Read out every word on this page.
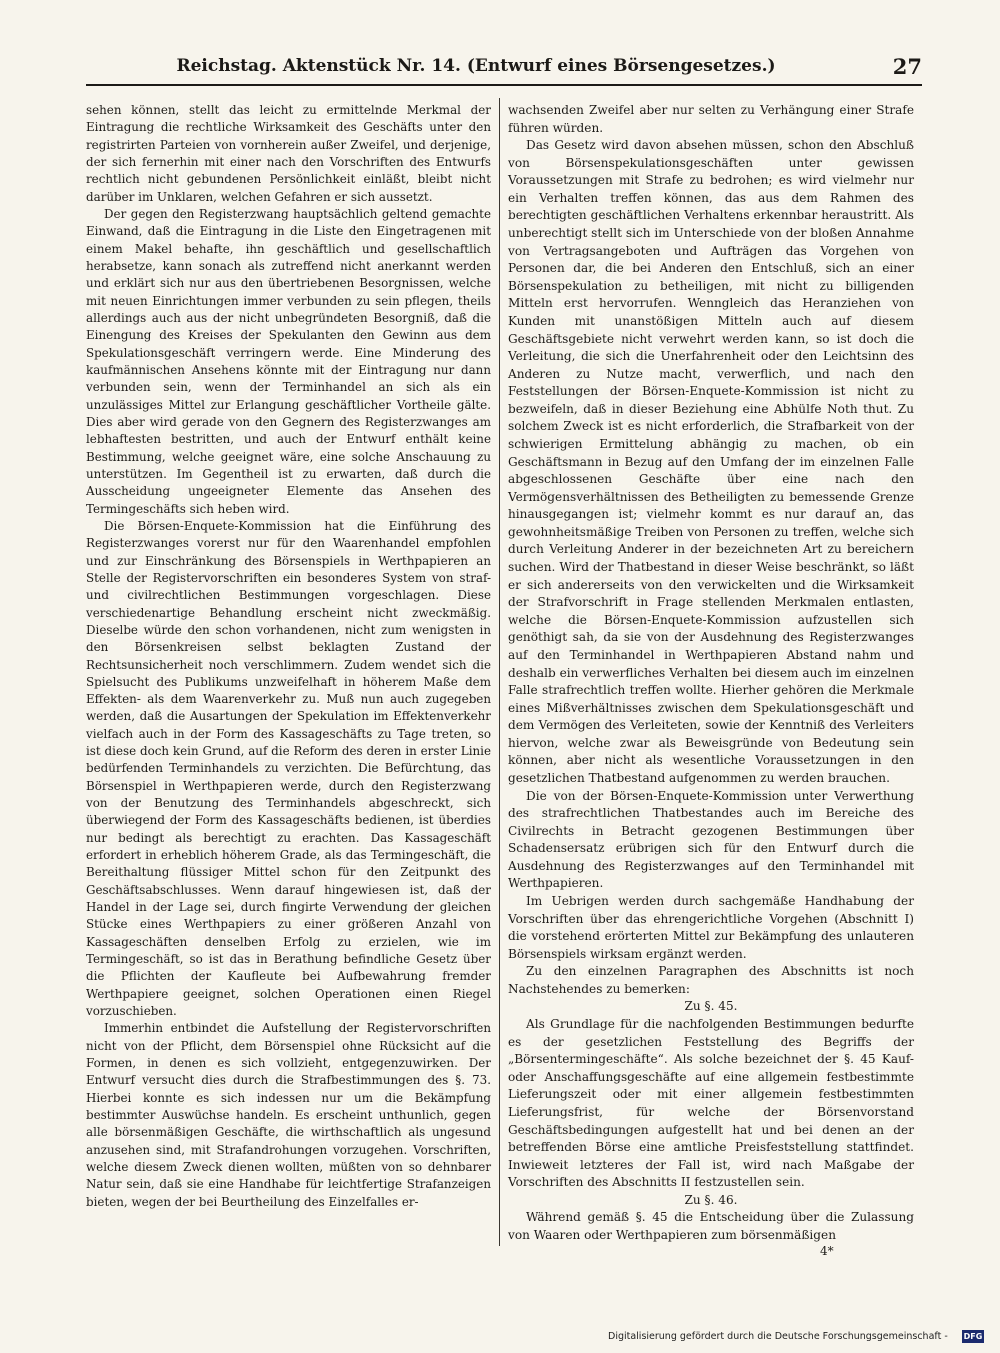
Reichstag. Aktenstück Nr. 14. (Entwurf eines Börsengesetzes.)	27

sehen können, stellt das leicht zu ermittelnde Merkmal der Eintragung die rechtliche Wirksamkeit des Geschäfts unter den registrirten Parteien von vornherein außer Zweifel, und derjenige, der sich fernerhin mit einer nach den Vorschriften des Entwurfs rechtlich nicht gebundenen Persönlichkeit einläßt, bleibt nicht darüber im Unklaren, welchen Gefahren er sich aussetzt.

Der gegen den Registerzwang hauptsächlich geltend gemachte Einwand, daß die Eintragung in die Liste den Eingetragenen mit einem Makel behafte, ihn geschäftlich und gesellschaftlich herabsetze, kann sonach als zutreffend nicht anerkannt werden und erklärt sich nur aus den übertriebenen Besorgnissen, welche mit neuen Einrichtungen immer verbunden zu sein pflegen, theils allerdings auch aus der nicht unbegründeten Besorgniß, daß die Einengung des Kreises der Spekulanten den Gewinn aus dem Spekulationsgeschäft verringern werde. Eine Minderung des kaufmännischen Ansehens könnte mit der Eintragung nur dann verbunden sein, wenn der Terminhandel an sich als ein unzulässiges Mittel zur Erlangung geschäftlicher Vortheile gälte. Dies aber wird gerade von den Gegnern des Registerzwanges am lebhaftesten bestritten, und auch der Entwurf enthält keine Bestimmung, welche geeignet wäre, eine solche Anschauung zu unterstützen. Im Gegentheil ist zu erwarten, daß durch die Ausscheidung ungeeigneter Elemente das Ansehen des Termingeschäfts sich heben wird.

Die Börsen-Enquete-Kommission hat die Einführung des Registerzwanges vorerst nur für den Waarenhandel empfohlen und zur Einschränkung des Börsenspiels in Werthpapieren an Stelle der Registervorschriften ein besonderes System von straf- und civilrechtlichen Bestimmungen vorgeschlagen. Diese verschiedenartige Behandlung erscheint nicht zweckmäßig. Dieselbe würde den schon vorhandenen, nicht zum wenigsten in den Börsenkreisen selbst beklagten Zustand der Rechtsunsicherheit noch verschlimmern. Zudem wendet sich die Spielsucht des Publikums unzweifelhaft in höherem Maße dem Effekten- als dem Waarenverkehr zu. Muß nun auch zugegeben werden, daß die Ausartungen der Spekulation im Effektenverkehr vielfach auch in der Form des Kassageschäfts zu Tage treten, so ist diese doch kein Grund, auf die Reform des deren in erster Linie bedürfenden Terminhandels zu verzichten. Die Befürchtung, das Börsenspiel in Werthpapieren werde, durch den Registerzwang von der Benutzung des Terminhandels abgeschreckt, sich überwiegend der Form des Kassageschäfts bedienen, ist überdies nur bedingt als berechtigt zu erachten. Das Kassageschäft erfordert in erheblich höherem Grade, als das Termingeschäft, die Bereithaltung flüssiger Mittel schon für den Zeitpunkt des Geschäftsabschlusses. Wenn darauf hingewiesen ist, daß der Handel in der Lage sei, durch fingirte Verwendung der gleichen Stücke eines Werthpapiers zu einer größeren Anzahl von Kassageschäften denselben Erfolg zu erzielen, wie im Termingeschäft, so ist das in Berathung befindliche Gesetz über die Pflichten der Kaufleute bei Aufbewahrung fremder Werthpapiere geeignet, solchen Operationen einen Riegel vorzuschieben.

Immerhin entbindet die Aufstellung der Registervorschriften nicht von der Pflicht, dem Börsenspiel ohne Rücksicht auf die Formen, in denen es sich vollzieht, entgegenzuwirken. Der Entwurf versucht dies durch die Strafbestimmungen des §. 73. Hierbei konnte es sich indessen nur um die Bekämpfung bestimmter Auswüchse handeln. Es erscheint unthunlich, gegen alle börsenmäßigen Geschäfte, die wirthschaftlich als ungesund anzusehen sind, mit Strafandrohungen vorzugehen. Vorschriften, welche diesem Zweck dienen wollten, müßten von so dehnbarer Natur sein, daß sie eine Handhabe für leichtfertige Strafanzeigen bieten, wegen der bei Beurtheilung des Einzelfalles er-

wachsenden Zweifel aber nur selten zu Verhängung einer Strafe führen würden.

Das Gesetz wird davon absehen müssen, schon den Abschluß von Börsenspekulationsgeschäften unter gewissen Voraussetzungen mit Strafe zu bedrohen; es wird vielmehr nur ein Verhalten treffen können, das aus dem Rahmen des berechtigten geschäftlichen Verhaltens erkennbar heraustritt. Als unberechtigt stellt sich im Unterschiede von der bloßen Annahme von Vertragsangeboten und Aufträgen das Vorgehen von Personen dar, die bei Anderen den Entschluß, sich an einer Börsenspekulation zu betheiligen, mit nicht zu billigenden Mitteln erst hervorrufen. Wenngleich das Heranziehen von Kunden mit unanstößigen Mitteln auch auf diesem Geschäftsgebiete nicht verwehrt werden kann, so ist doch die Verleitung, die sich die Unerfahrenheit oder den Leichtsinn des Anderen zu Nutze macht, verwerflich, und nach den Feststellungen der Börsen-Enquete-Kommission ist nicht zu bezweifeln, daß in dieser Beziehung eine Abhülfe Noth thut. Zu solchem Zweck ist es nicht erforderlich, die Strafbarkeit von der schwierigen Ermittelung abhängig zu machen, ob ein Geschäftsmann in Bezug auf den Umfang der im einzelnen Falle abgeschlossenen Geschäfte über eine nach den Vermögensverhältnissen des Betheiligten zu bemessende Grenze hinausgegangen ist; vielmehr kommt es nur darauf an, das gewohnheitsmäßige Treiben von Personen zu treffen, welche sich durch Verleitung Anderer in der bezeichneten Art zu bereichern suchen. Wird der Thatbestand in dieser Weise beschränkt, so läßt er sich andererseits von den verwickelten und die Wirksamkeit der Strafvorschrift in Frage stellenden Merkmalen entlasten, welche die Börsen-Enquete-Kommission aufzustellen sich genöthigt sah, da sie von der Ausdehnung des Registerzwanges auf den Terminhandel in Werthpapieren Abstand nahm und deshalb ein verwerfliches Verhalten bei diesem auch im einzelnen Falle strafrechtlich treffen wollte. Hierher gehören die Merkmale eines Mißverhältnisses zwischen dem Spekulationsgeschäft und dem Vermögen des Verleiteten, sowie der Kenntniß des Verleiters hiervon, welche zwar als Beweisgründe von Bedeutung sein können, aber nicht als wesentliche Voraussetzungen in den gesetzlichen Thatbestand aufgenommen zu werden brauchen.

Die von der Börsen-Enquete-Kommission unter Verwerthung des strafrechtlichen Thatbestandes auch im Bereiche des Civilrechts in Betracht gezogenen Bestimmungen über Schadensersatz erübrigen sich für den Entwurf durch die Ausdehnung des Registerzwanges auf den Terminhandel mit Werthpapieren.

Im Uebrigen werden durch sachgemäße Handhabung der Vorschriften über das ehrengerichtliche Vorgehen (Abschnitt I) die vorstehend erörterten Mittel zur Bekämpfung des unlauteren Börsenspiels wirksam ergänzt werden.

Zu den einzelnen Paragraphen des Abschnitts ist noch Nachstehendes zu bemerken:

Zu §. 45.

Als Grundlage für die nachfolgenden Bestimmungen bedurfte es der gesetzlichen Feststellung des Begriffs der „Börsentermingeschäfte“. Als solche bezeichnet der §. 45 Kauf- oder Anschaffungsgeschäfte auf eine allgemein festbestimmte Lieferungszeit oder mit einer allgemein festbestimmten Lieferungsfrist, für welche der Börsenvorstand Geschäftsbedingungen aufgestellt hat und bei denen an der betreffenden Börse eine amtliche Preisfeststellung stattfindet. Inwieweit letzteres der Fall ist, wird nach Maßgabe der Vorschriften des Abschnitts II festzustellen sein.

Zu §. 46.

Während gemäß §. 45 die Entscheidung über die Zulassung von Waaren oder Werthpapieren zum börsenmäßigen

4*
Digitalisierung gefördert durch die Deutsche Forschungsgemeinschaft - DFG
